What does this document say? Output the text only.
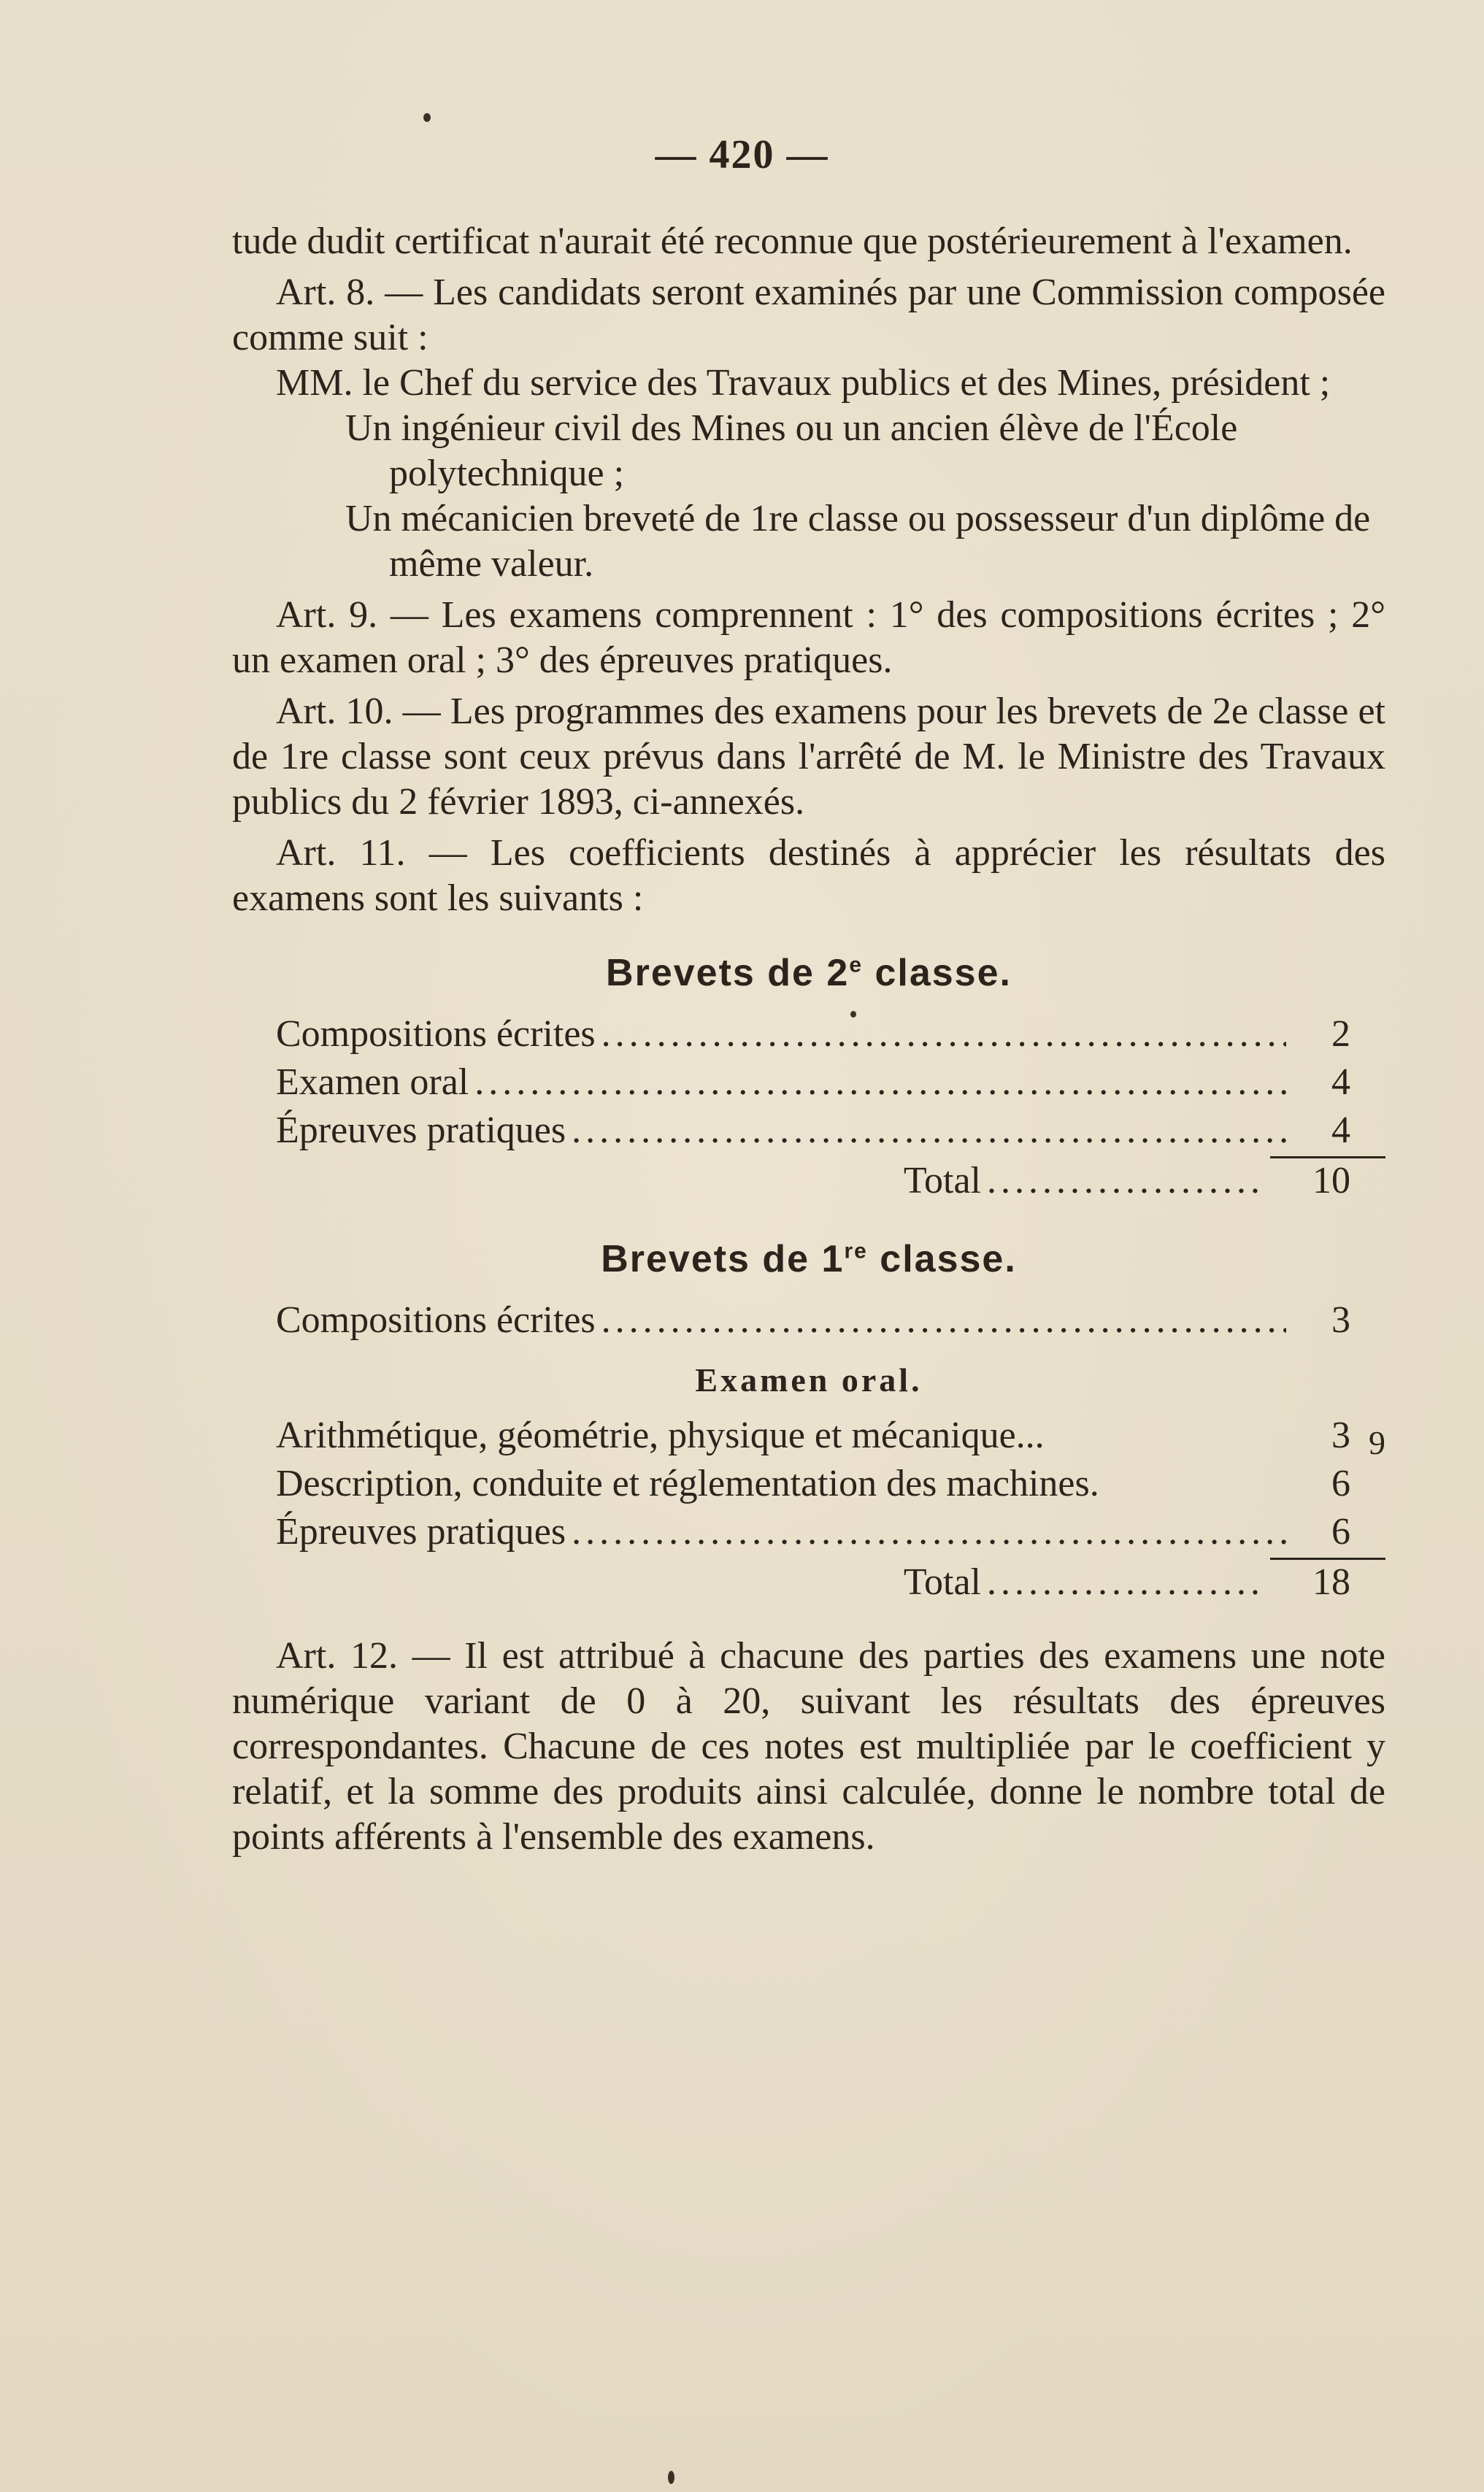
— 420 —

tude dudit certificat n'aurait été reconnue que postérieurement à l'examen.

Art. 8. — Les candidats seront examinés par une Commission composée comme suit :

MM. le Chef du service des Travaux publics et des Mines, président ;

Un ingénieur civil des Mines ou un ancien élève de l'École polytechnique ;

Un mécanicien breveté de 1re classe ou possesseur d'un diplôme de même valeur.

Art. 9. — Les examens comprennent : 1° des compositions écrites ; 2° un examen oral ; 3° des épreuves pratiques.

Art. 10. — Les programmes des examens pour les brevets de 2e classe et de 1re classe sont ceux prévus dans l'arrêté de M. le Ministre des Travaux publics du 2 février 1893, ci-annexés.

Art. 11. — Les coefficients destinés à apprécier les résultats des examens sont les suivants :

Brevets de 2e classe.
Compositions écrites .....	2
Examen oral .....	4
Épreuves pratiques .....	4
Total .....	10
Brevets de 1re classe.
Compositions écrites .....	3
Examen oral.
Arithmétique, géométrie, physique et mécanique...	3
Description, conduite et réglementation des machines.	6
9
Épreuves pratiques .....	6
Total .....	18

Art. 12. — Il est attribué à chacune des parties des examens une note numérique variant de 0 à 20, suivant les résultats des épreuves correspondantes. Chacune de ces notes est multipliée par le coefficient y relatif, et la somme des produits ainsi calculée, donne le nombre total de points afférents à l'ensemble des examens.
